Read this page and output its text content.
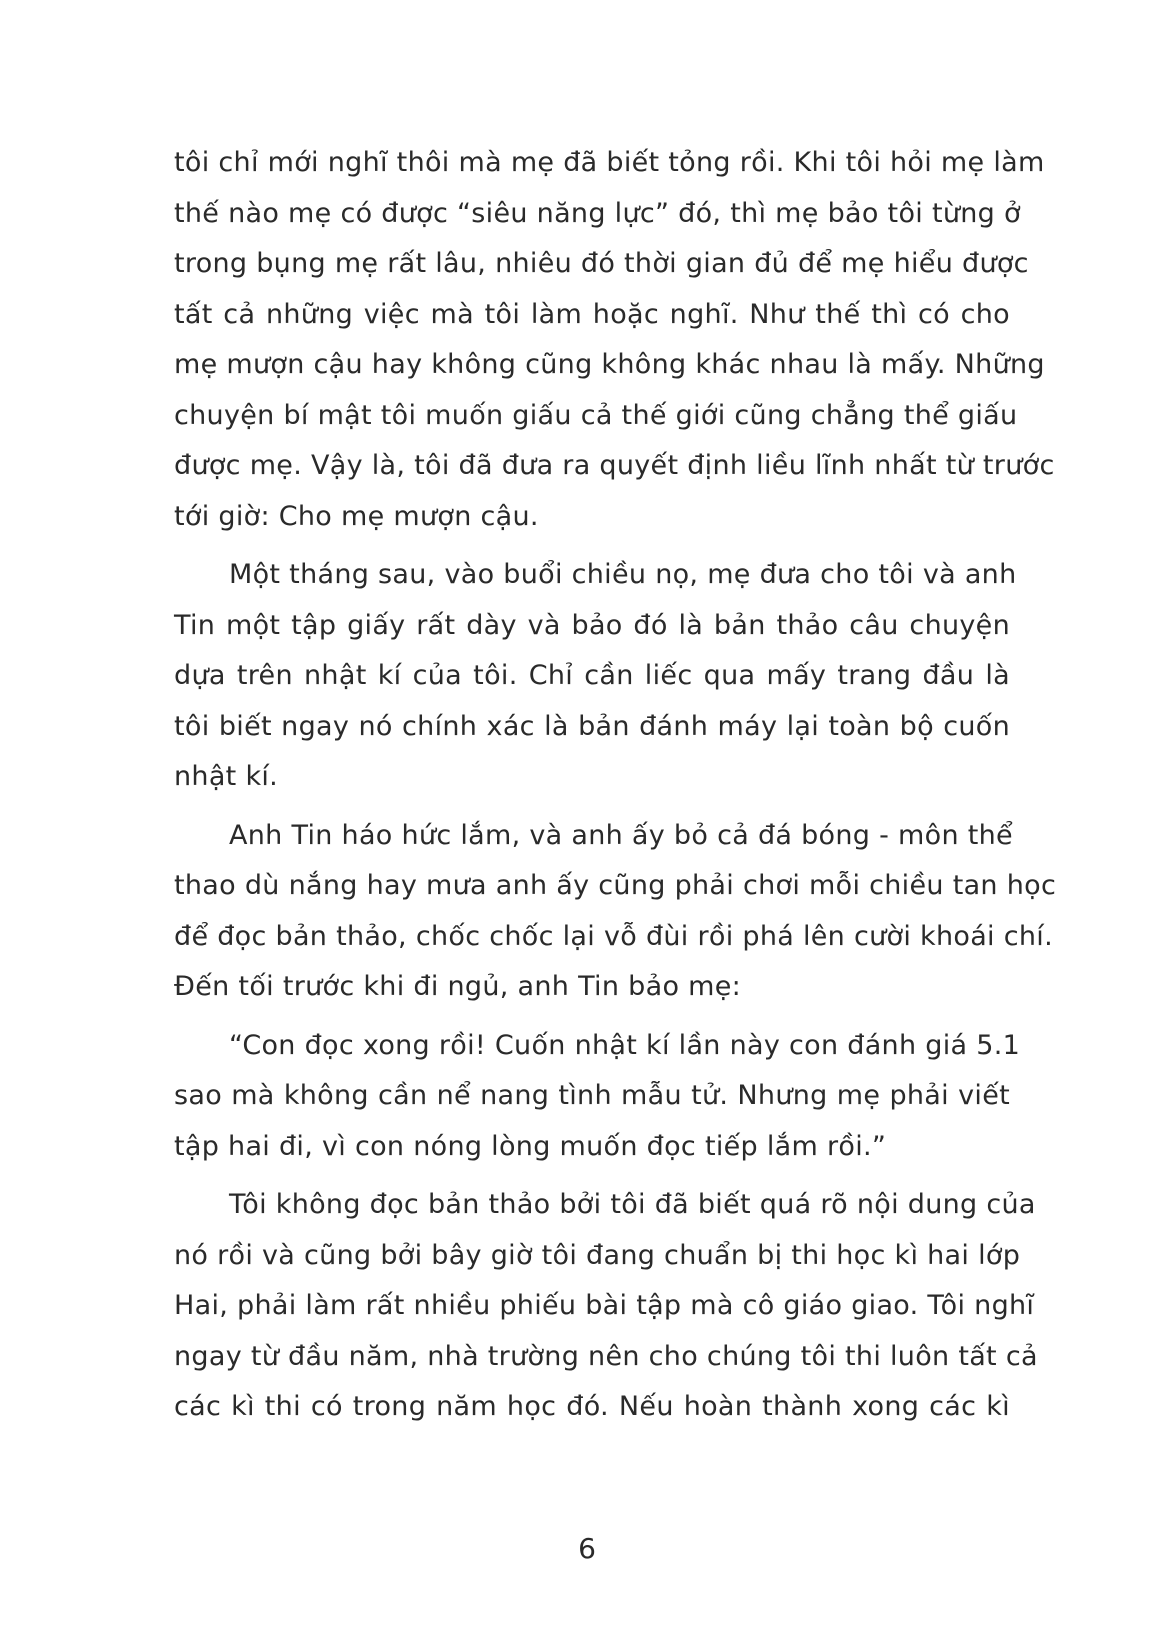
tôi chỉ mới nghĩ thôi mà mẹ đã biết tỏng rồi. Khi tôi hỏi mẹ làm
thế nào mẹ có được “siêu năng lực” đó, thì mẹ bảo tôi từng ở
trong bụng mẹ rất lâu, nhiêu đó thời gian đủ để mẹ hiểu được
tất cả những việc mà tôi làm hoặc nghĩ. Như thế thì có cho
mẹ mượn cậu hay không cũng không khác nhau là mấy. Những
chuyện bí mật tôi muốn giấu cả thế giới cũng chẳng thể giấu
được mẹ. Vậy là, tôi đã đưa ra quyết định liều lĩnh nhất từ trước
tới giờ: Cho mẹ mượn cậu.

Một tháng sau, vào buổi chiều nọ, mẹ đưa cho tôi và anh
Tin một tập giấy rất dày và bảo đó là bản thảo câu chuyện
dựa trên nhật kí của tôi. Chỉ cần liếc qua mấy trang đầu là
tôi biết ngay nó chính xác là bản đánh máy lại toàn bộ cuốn
nhật kí.

Anh Tin háo hức lắm, và anh ấy bỏ cả đá bóng - môn thể
thao dù nắng hay mưa anh ấy cũng phải chơi mỗi chiều tan học
để đọc bản thảo, chốc chốc lại vỗ đùi rồi phá lên cười khoái chí.
Đến tối trước khi đi ngủ, anh Tin bảo mẹ:

“Con đọc xong rồi! Cuốn nhật kí lần này con đánh giá 5.1
sao mà không cần nể nang tình mẫu tử. Nhưng mẹ phải viết
tập hai đi, vì con nóng lòng muốn đọc tiếp lắm rồi.”

Tôi không đọc bản thảo bởi tôi đã biết quá rõ nội dung của
nó rồi và cũng bởi bây giờ tôi đang chuẩn bị thi học kì hai lớp
Hai, phải làm rất nhiều phiếu bài tập mà cô giáo giao. Tôi nghĩ
ngay từ đầu năm, nhà trường nên cho chúng tôi thi luôn tất cả
các kì thi có trong năm học đó. Nếu hoàn thành xong các kì

6
